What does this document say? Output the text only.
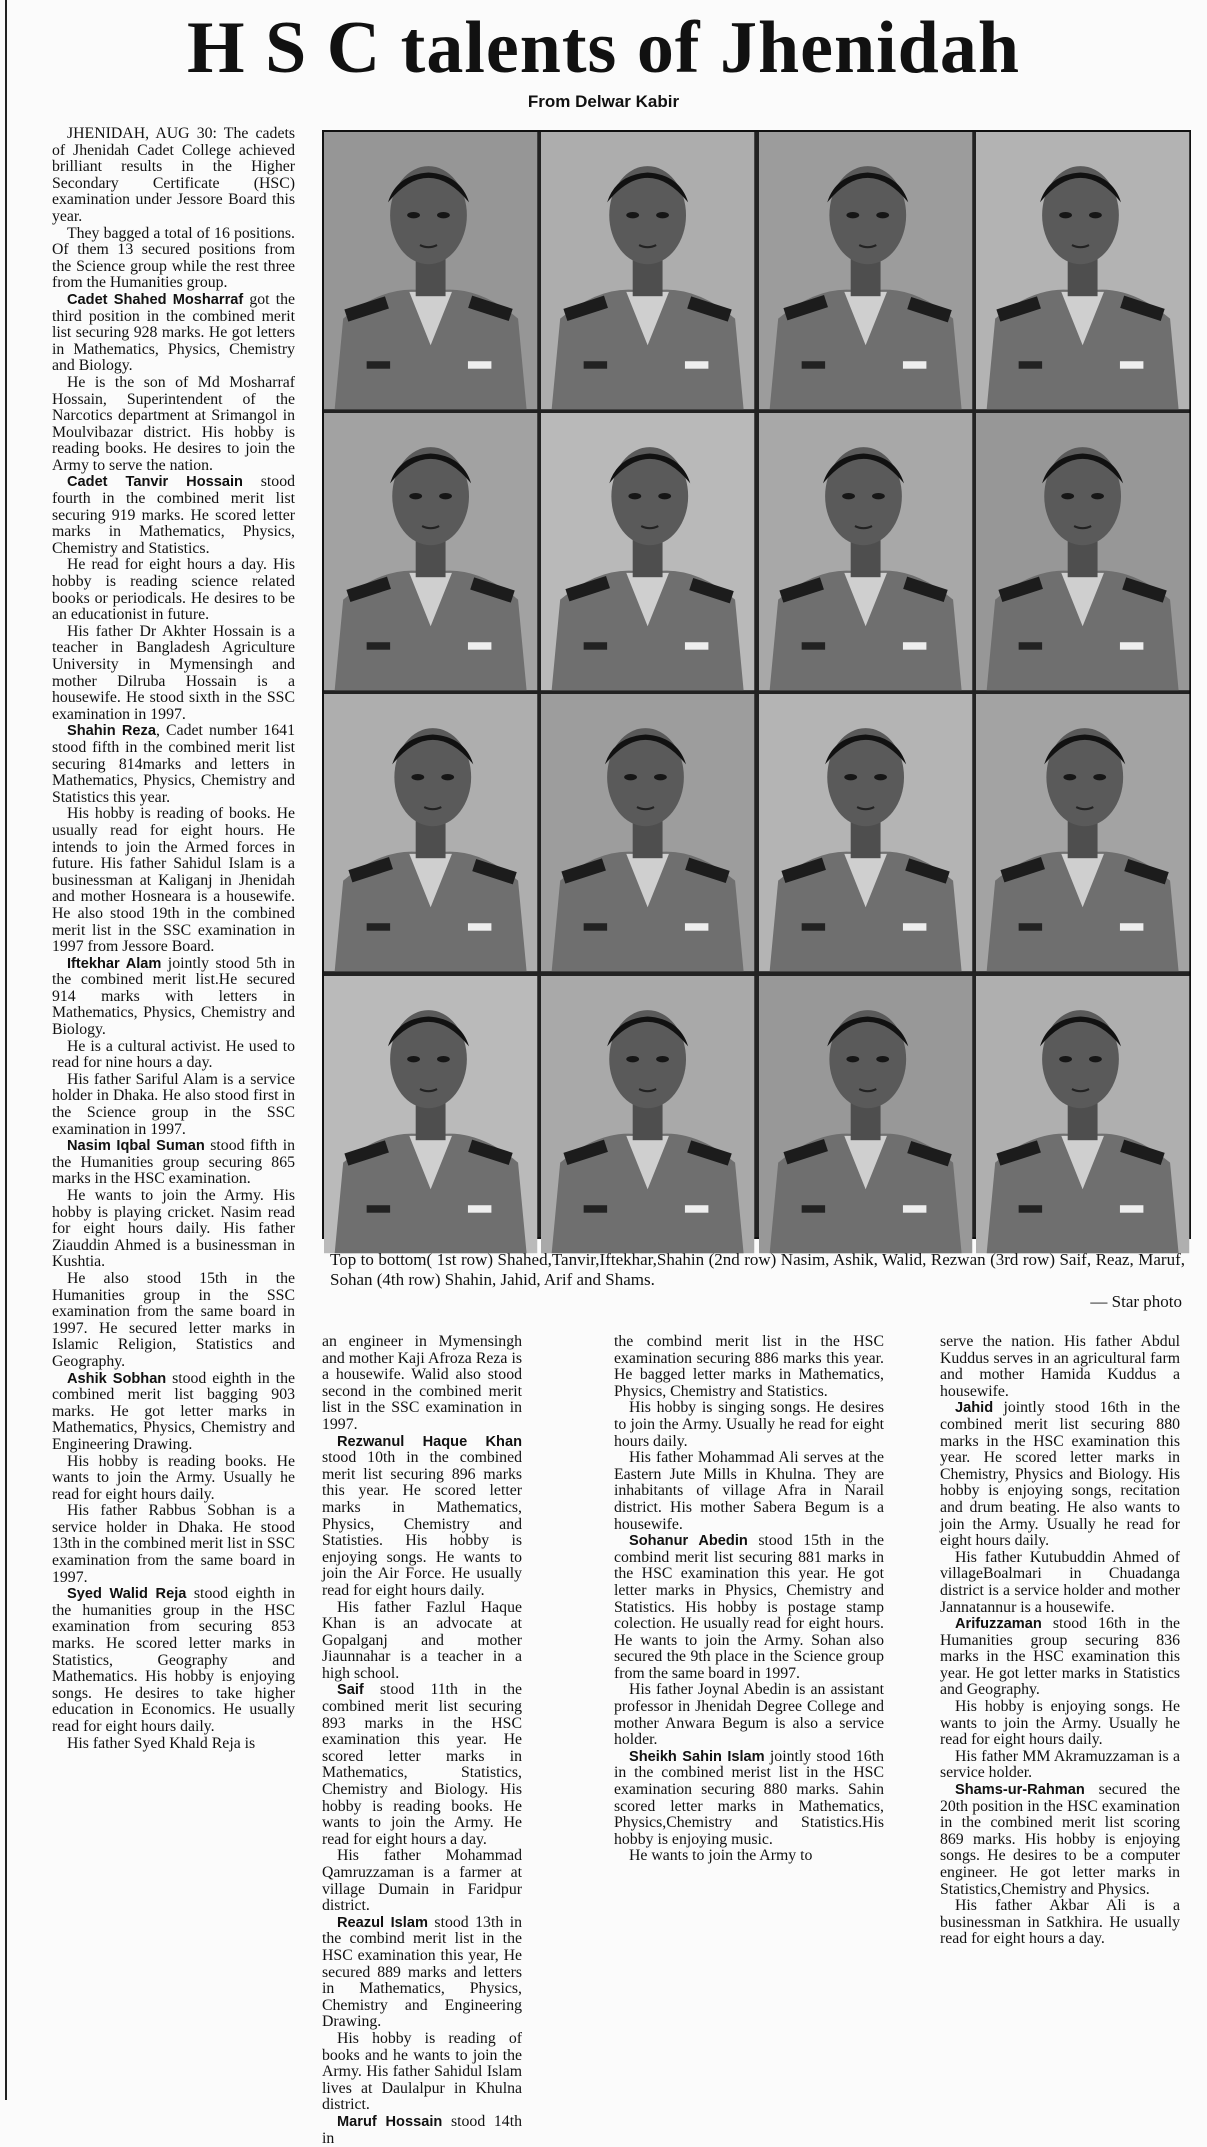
H S C talents of Jhenidah
From Delwar Kabir

JHENIDAH, AUG 30: The cadets of Jhenidah Cadet College achieved brilliant results in the Higher Secondary Certificate (HSC) examination under Jessore Board this year.

They bagged a total of 16 positions. Of them 13 secured positions from the Science group while the rest three from the Humanities group.

Cadet Shahed Mosharraf got the third position in the combined merit list securing 928 marks. He got letters in Mathematics, Physics, Chemistry and Biology.

He is the son of Md Mosharraf Hossain, Superintendent of the Narcotics department at Srimangol in Moulvibazar district. His hobby is reading books. He desires to join the Army to serve the nation.

Cadet Tanvir Hossain stood fourth in the combined merit list securing 919 marks. He scored letter marks in Mathematics, Physics, Chemistry and Statistics.

He read for eight hours a day. His hobby is reading science related books or periodicals. He desires to be an educationist in future.

His father Dr Akhter Hossain is a teacher in Bangladesh Agriculture University in Mymensingh and mother Dilruba Hossain is a housewife. He stood sixth in the SSC examination in 1997.

Shahin Reza, Cadet number 1641 stood fifth in the combined merit list securing 814marks and letters in Mathematics, Physics, Chemistry and Statistics this year.

His hobby is reading of books. He usually read for eight hours. He intends to join the Armed forces in future. His father Sahidul Islam is a businessman at Kaliganj in Jhenidah and mother Hosneara is a housewife. He also stood 19th in the combined merit list in the SSC examination in 1997 from Jessore Board.

Iftekhar Alam jointly stood 5th in the combined merit list.He secured 914 marks with letters in Mathematics, Physics, Chemistry and Biology.

He is a cultural activist. He used to read for nine hours a day.

His father Sariful Alam is a service holder in Dhaka. He also stood first in the Science group in the SSC examination in 1997.

Nasim Iqbal Suman stood fifth in the Humanities group securing 865 marks in the HSC examination.

He wants to join the Army. His hobby is playing cricket. Nasim read for eight hours daily. His father Ziauddin Ahmed is a businessman in Kushtia.

He also stood 15th in the Humanities group in the SSC examination from the same board in 1997. He secured letter marks in Islamic Religion, Statistics and Geography.

Ashik Sobhan stood eighth in the combined merit list bagging 903 marks. He got letter marks in Mathematics, Physics, Chemistry and Engineering Drawing.

His hobby is reading books. He wants to join the Army. Usually he read for eight hours daily.

His father Rabbus Sobhan is a service holder in Dhaka. He stood 13th in the combined merit list in SSC examination from the same board in 1997.

Syed Walid Reja stood eighth in the humanities group in the HSC examination from securing 853 marks. He scored letter marks in Statistics, Geography and Mathematics. His hobby is enjoying songs. He desires to take higher education in Economics. He usually read for eight hours daily.

His father Syed Khald Reja is

Top to bottom( 1st row) Shahed,Tanvir,Iftekhar,Shahin (2nd row) Nasim, Ashik, Walid, Rezwan (3rd row) Saif, Reaz, Maruf, Sohan (4th row) Shahin, Jahid, Arif and Shams.
— Star photo

an engineer in Mymensingh and mother Kaji Afroza Reza is a housewife. Walid also stood second in the combined merit list in the SSC examination in 1997.

Rezwanul Haque Khan stood 10th in the combined merit list securing 896 marks this year. He scored letter marks in Mathematics, Physics, Chemistry and Statisties. His hobby is enjoying songs. He wants to join the Air Force. He usually read for eight hours daily.

His father Fazlul Haque Khan is an advocate at Gopalganj and mother Jiaunnahar is a teacher in a high school.

Saif stood 11th in the combined merit list securing 893 marks in the HSC examination this year. He scored letter marks in Mathematics, Statistics, Chemistry and Biology. His hobby is reading books. He wants to join the Army. He read for eight hours a day.

His father Mohammad Qamruzzaman is a farmer at village Dumain in Faridpur district.

Reazul Islam stood 13th in the combind merit list in the HSC examination this year, He secured 889 marks and letters in Mathematics, Physics, Chemistry and Engineering Drawing.

His hobby is reading of books and he wants to join the Army. His father Sahidul Islam lives at Daulalpur in Khulna district.

Maruf Hossain stood 14th in

the combind merit list in the HSC examination securing 886 marks this year. He bagged letter marks in Mathematics, Physics, Chemistry and Statistics.

His hobby is singing songs. He desires to join the Army. Usually he read for eight hours daily.

His father Mohammad Ali serves at the Eastern Jute Mills in Khulna. They are inhabitants of village Afra in Narail district. His mother Sabera Begum is a housewife.

Sohanur Abedin stood 15th in the combind merit list securing 881 marks in the HSC examination this year. He got letter marks in Physics, Chemistry and Statistics. His hobby is postage stamp colection. He usually read for eight hours. He wants to join the Army. Sohan also secured the 9th place in the Science group from the same board in 1997.

His father Joynal Abedin is an assistant professor in Jhenidah Degree College and mother Anwara Begum is also a service holder.

Sheikh Sahin Islam jointly stood 16th in the combined merist list in the HSC examination securing 880 marks. Sahin scored letter marks in Mathematics, Physics,Chemistry and Statistics.His hobby is enjoying music.

He wants to join the Army to

serve the nation. His father Abdul Kuddus serves in an agricultural farm and mother Hamida Kuddus a housewife.

Jahid jointly stood 16th in the combined merit list securing 880 marks in the HSC examination this year. He scored letter marks in Chemistry, Physics and Biology. His hobby is enjoying songs, recitation and drum beating. He also wants to join the Army. Usually he read for eight hours daily.

His father Kutubuddin Ahmed of villageBoalmari in Chuadanga district is a service holder and mother Jannatannur is a housewife.

Arifuzzaman stood 16th in the Humanities group securing 836 marks in the HSC examination this year. He got letter marks in Statistics and Geography.

His hobby is enjoying songs. He wants to join the Army. Usually he read for eight hours daily.

His father MM Akramuzzaman is a service holder.

Shams-ur-Rahman secured the 20th position in the HSC examination in the combined merit list scoring 869 marks. His hobby is enjoying songs. He desires to be a computer engineer. He got letter marks in Statistics,Chemistry and Physics.

His father Akbar Ali is a businessman in Satkhira. He usually read for eight hours a day.
